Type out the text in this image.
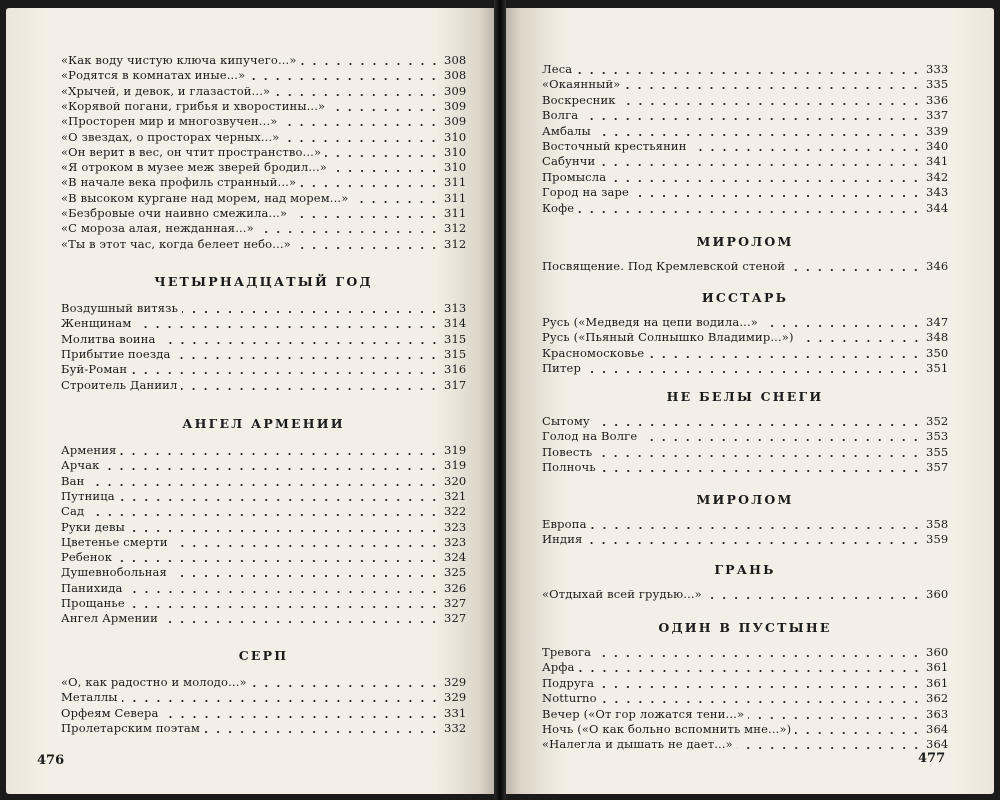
«Как воду чистую ключа кипучего...»	308
«Родятся в комнатах иные...»	308
«Хрычей, и девок, и глазастой...»	309
«Корявой погани, грибья и хворостины...»	309
«Просторен мир и многозвучен...»	309
«О звездах, о просторах черных...»	310
«Он верит в вес, он чтит пространство...»	310
«Я отроком в музее меж зверей бродил...»	310
«В начале века профиль странный...»	311
«В высоком кургане над морем, над морем...»	311
«Безбровые очи наивно смежила...»	311
«С мороза алая, нежданная...»	312
«Ты в этот час, когда белеет небо...»	312
ЧЕТЫРНАДЦАТЫЙ ГОД
Воздушный витязь	313
Женщинам	314
Молитва воина	315
Прибытие поезда	315
Буй-Роман	316
Строитель Даниил	317
АНГЕЛ АРМЕНИИ
Армения	319
Арчак	319
Ван	320
Путница	321
Сад	322
Руки девы	323
Цветенье смерти	323
Ребенок	324
Душевнобольная	325
Панихида	326
Прощанье	327
Ангел Армении	327
СЕРП
«О, как радостно и молодо...»	329
Металлы	329
Орфеям Севера	331
Пролетарским поэтам	332
476
Леса	333
«Окаянный»	335
Воскресник	336
Волга	337
Амбалы	339
Восточный крестьянин	340
Сабунчи	341
Промысла	342
Город на заре	343
Кофе	344
МИРОЛОМ
Посвящение. Под Кремлевской стеной	346
ИССТАРЬ
Русь («Медведя на цепи водила...»	347
Русь («Пьяный Солнышко Владимир...»)	348
Красномосковье	350
Питер	351
НЕ БЕЛЫ СНЕГИ
Сытому	352
Голод на Волге	353
Повесть	355
Полночь	357
МИРОЛОМ
Европа	358
Индия	359
ГРАНЬ
«Отдыхай всей грудью...»	360
ОДИН В ПУСТЫНЕ
Тревога	360
Арфа	361
Подруга	361
Notturno	362
Вечер («От гор ложатся тени...»	363
Ночь («О как больно вспомнить мне...»)	364
«Налегла и дышать не дает...»	364
477
